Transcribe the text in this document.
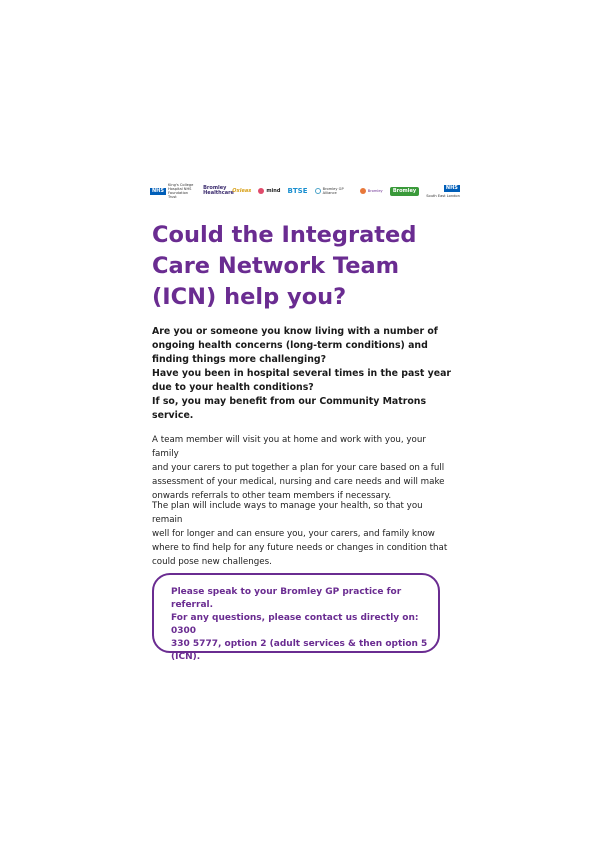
NHS
King's College Hospital NHS Foundation Trust
Bromley Healthcare
Oxleas	mind BTSE	Bromley GP Alliance	Bromley	Bromley	NHS
South East London
Could the Integrated
Care Network Team
(ICN) help you?
Are you or someone you know living with a number of
ongoing health concerns (long-term conditions) and
finding things more challenging?
Have you been in hospital several times in the past year
due to your health conditions?
If so, you may benefit from our Community Matrons
service.
A team member will visit you at home and work with you, your family
and your carers to put together a plan for your care based on a full
assessment of your medical, nursing and care needs and will make
onwards referrals to other team members if necessary.
The plan will include ways to manage your health, so that you remain
well for longer and can ensure you, your carers, and family know
where to find help for any future needs or changes in condition that
could pose new challenges.
Please speak to your Bromley GP practice for referral.
For any questions, please contact us directly on: 0300
330 5777, option 2 (adult services & then option 5
(ICN).
